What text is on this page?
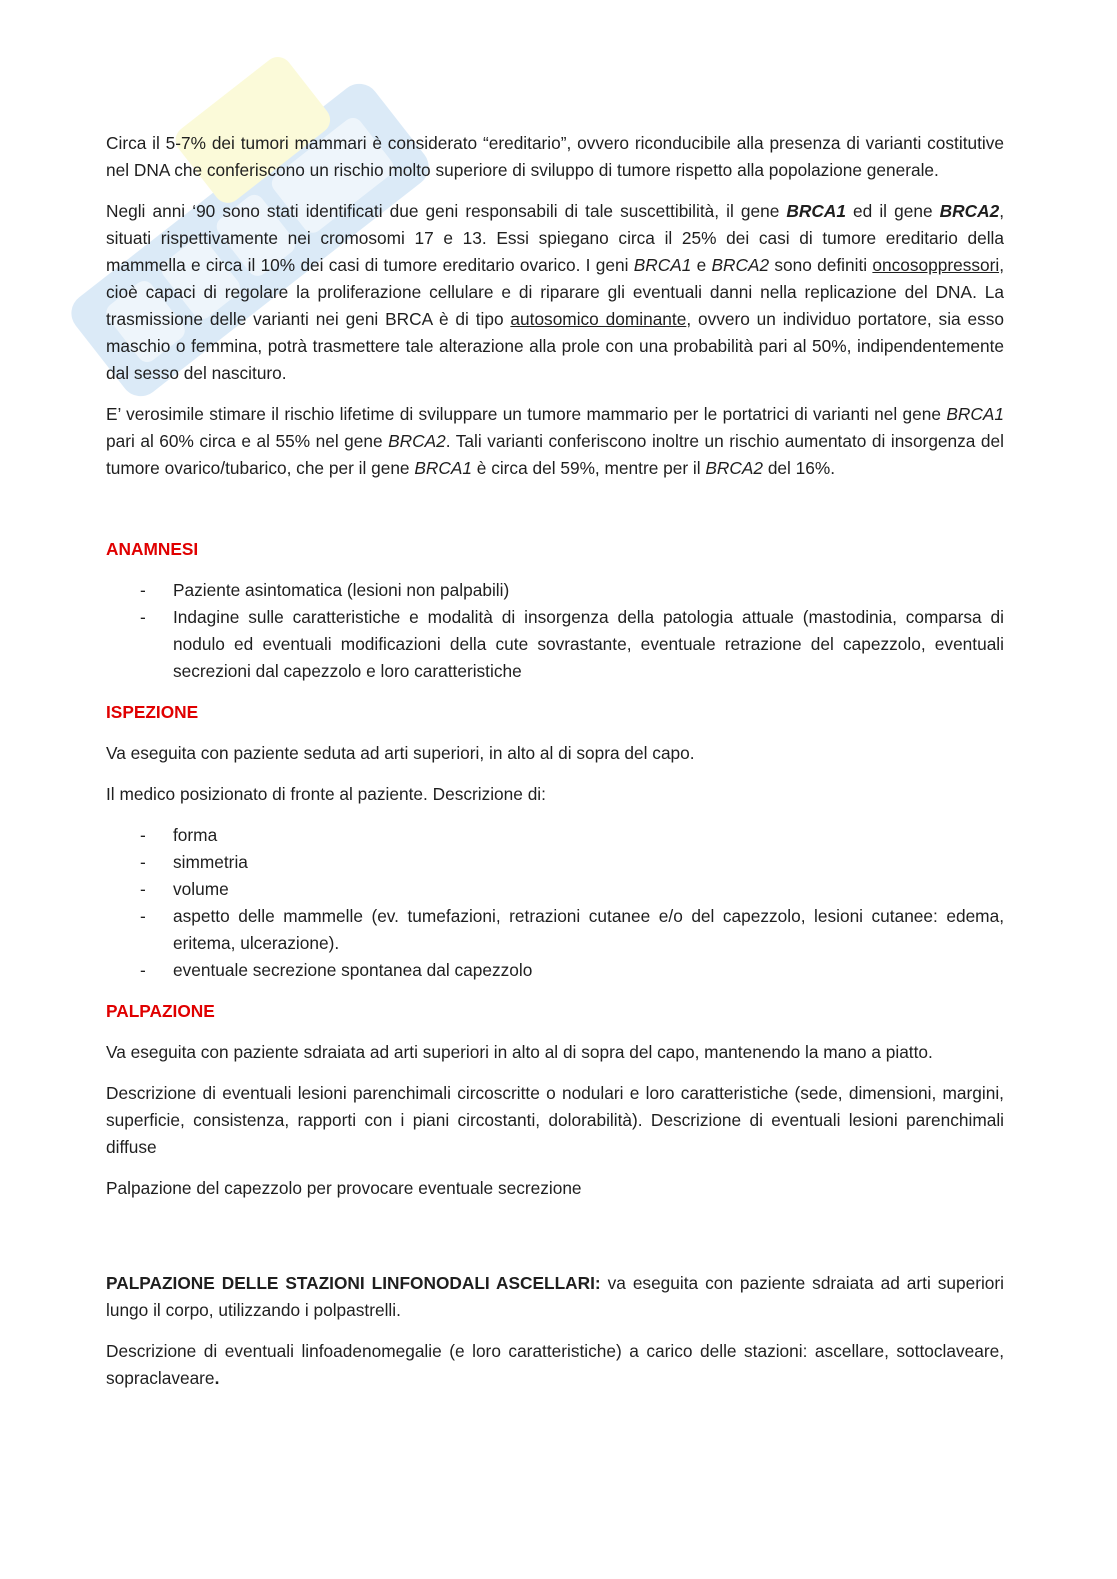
Circa il 5-7% dei tumori mammari è considerato “ereditario”, ovvero riconducibile alla presenza di varianti costitutive nel DNA che conferiscono un rischio molto superiore di sviluppo di tumore rispetto alla popolazione generale.

Negli anni ‘90 sono stati identificati due geni responsabili di tale suscettibilità, il gene BRCA1 ed il gene BRCA2, situati rispettivamente nei cromosomi 17 e 13. Essi spiegano circa il 25% dei casi di tumore ereditario della mammella e circa il 10% dei casi di tumore ereditario ovarico. I geni BRCA1 e BRCA2 sono definiti oncosoppressori, cioè capaci di regolare la proliferazione cellulare e di riparare gli eventuali danni nella replicazione del DNA. La trasmissione delle varianti nei geni BRCA è di tipo autosomico dominante, ovvero un individuo portatore, sia esso maschio o femmina, potrà trasmettere tale alterazione alla prole con una probabilità pari al 50%, indipendentemente dal sesso del nascituro.

E’ verosimile stimare il rischio lifetime di sviluppare un tumore mammario per le portatrici di varianti nel gene BRCA1 pari al 60% circa e al 55% nel gene BRCA2. Tali varianti conferiscono inoltre un rischio aumentato di insorgenza del tumore ovarico/tubarico, che per il gene BRCA1 è circa del 59%, mentre per il BRCA2 del 16%.

ANAMNESI
- Paziente asintomatica (lesioni non palpabili)
- Indagine sulle caratteristiche e modalità di insorgenza della patologia attuale (mastodinia, comparsa di nodulo ed eventuali modificazioni della cute sovrastante, eventuale retrazione del capezzolo, eventuali secrezioni dal capezzolo e loro caratteristiche
ISPEZIONE

Va eseguita con paziente seduta ad arti superiori, in alto al di sopra del capo.

Il medico posizionato di fronte al paziente. Descrizione di:

- forma
- simmetria
- volume
- aspetto delle mammelle (ev. tumefazioni, retrazioni cutanee e/o del capezzolo, lesioni cutanee: edema, eritema, ulcerazione).
- eventuale secrezione spontanea dal capezzolo
PALPAZIONE

Va eseguita con paziente sdraiata ad arti superiori in alto al di sopra del capo, mantenendo la mano a piatto.

Descrizione di eventuali lesioni parenchimali circoscritte o nodulari e loro caratteristiche (sede, dimensioni, margini, superficie, consistenza, rapporti con i piani circostanti, dolorabilità). Descrizione di eventuali lesioni parenchimali diffuse

Palpazione del capezzolo per provocare eventuale secrezione

PALPAZIONE DELLE STAZIONI LINFONODALI ASCELLARI: va eseguita con paziente sdraiata ad arti superiori lungo il corpo, utilizzando i polpastrelli.

Descrizione di eventuali linfoadenomegalie (e loro caratteristiche) a carico delle stazioni: ascellare, sottoclaveare, sopraclaveare.
